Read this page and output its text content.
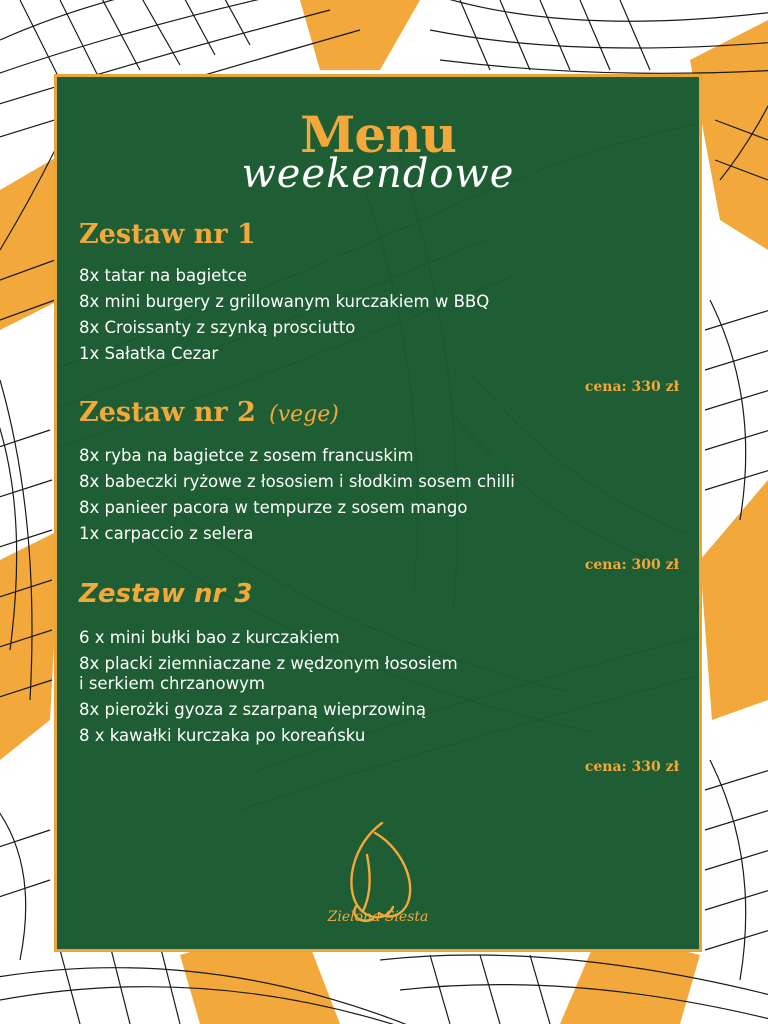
Menu
weekendowe
Zestaw nr 1
8x tatar na bagietce
8x mini burgery z grillowanym kurczakiem w BBQ
8x Croissanty z szynką prosciutto
1x Sałatka Cezar
cena: 330 zł
Zestaw nr 2 (vege)
8x ryba na bagietce z sosem francuskim
8x babeczki ryżowe z łososiem i słodkim sosem chilli
8x panieer pacora w tempurze z sosem mango
1x carpaccio z selera
cena: 300 zł
Zestaw nr 3
6 x mini bułki bao z kurczakiem
8x placki ziemniaczane z wędzonym łososiem i serkiem chrzanowym
8x pierożki gyoza z szarpaną wieprzowiną
8 x kawałki kurczaka po koreańsku
cena: 330 zł
Zielona Siesta
